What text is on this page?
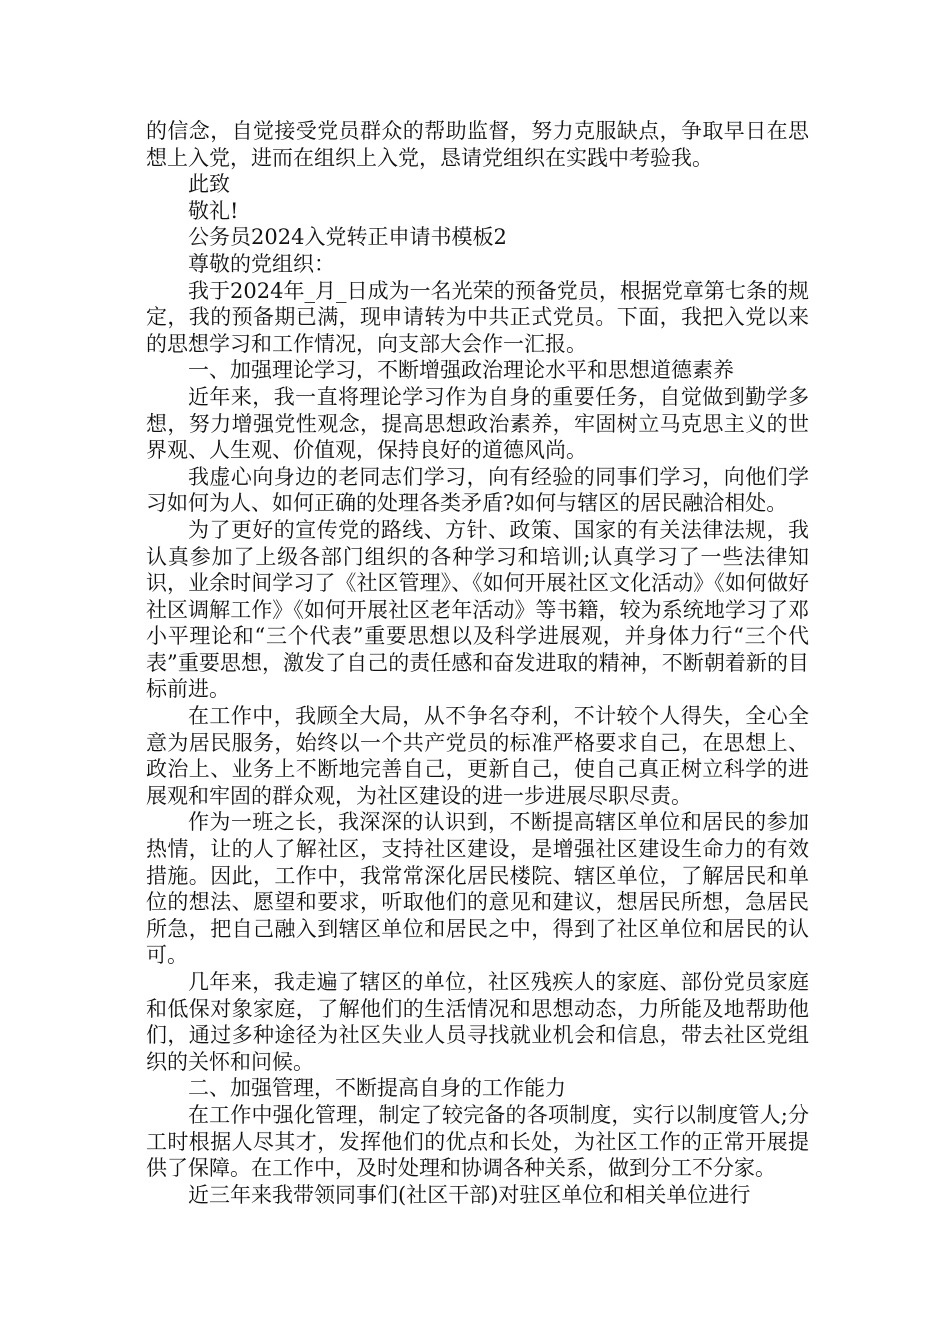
的信念，自觉接受党员群众的帮助监督，努力克服缺点，争取早日在思想上入党，进而在组织上入党，恳请党组织在实践中考验我。

此致

敬礼!

公务员2024入党转正申请书模板2

尊敬的党组织：

我于2024年_月_日成为一名光荣的预备党员，根据党章第七条的规定，我的预备期已满，现申请转为中共正式党员。下面，我把入党以来的思想学习和工作情况，向支部大会作一汇报。

一、加强理论学习，不断增强政治理论水平和思想道德素养

近年来，我一直将理论学习作为自身的重要任务，自觉做到勤学多想，努力增强党性观念，提高思想政治素养，牢固树立马克思主义的世界观、人生观、价值观，保持良好的道德风尚。

我虚心向身边的老同志们学习，向有经验的同事们学习，向他们学习如何为人、如何正确的处理各类矛盾?如何与辖区的居民融洽相处。

为了更好的宣传党的路线、方针、政策、国家的有关法律法规，我认真参加了上级各部门组织的各种学习和培训;认真学习了一些法律知识，业余时间学习了《社区管理》、《如何开展社区文化活动》《如何做好社区调解工作》《如何开展社区老年活动》等书籍，较为系统地学习了邓小平理论和“三个代表”重要思想以及科学进展观，并身体力行“三个代表”重要思想，激发了自己的责任感和奋发进取的精神，不断朝着新的目标前进。

在工作中，我顾全大局，从不争名夺利，不计较个人得失，全心全意为居民服务，始终以一个共产党员的标准严格要求自己，在思想上、政治上、业务上不断地完善自己，更新自己，使自己真正树立科学的进展观和牢固的群众观，为社区建设的进一步进展尽职尽责。

作为一班之长，我深深的认识到，不断提高辖区单位和居民的参加热情，让的人了解社区，支持社区建设，是增强社区建设生命力的有效措施。因此，工作中，我常常深化居民楼院、辖区单位，了解居民和单位的想法、愿望和要求，听取他们的意见和建议，想居民所想，急居民所急，把自己融入到辖区单位和居民之中，得到了社区单位和居民的认可。

几年来，我走遍了辖区的单位，社区残疾人的家庭、部份党员家庭和低保对象家庭，了解他们的生活情况和思想动态，力所能及地帮助他们，通过多种途径为社区失业人员寻找就业机会和信息，带去社区党组织的关怀和问候。

二、加强管理，不断提高自身的工作能力

在工作中强化管理，制定了较完备的各项制度，实行以制度管人;分工时根据人尽其才，发挥他们的优点和长处，为社区工作的正常开展提供了保障。在工作中，及时处理和协调各种关系，做到分工不分家。

近三年来我带领同事们(社区干部)对驻区单位和相关单位进行
